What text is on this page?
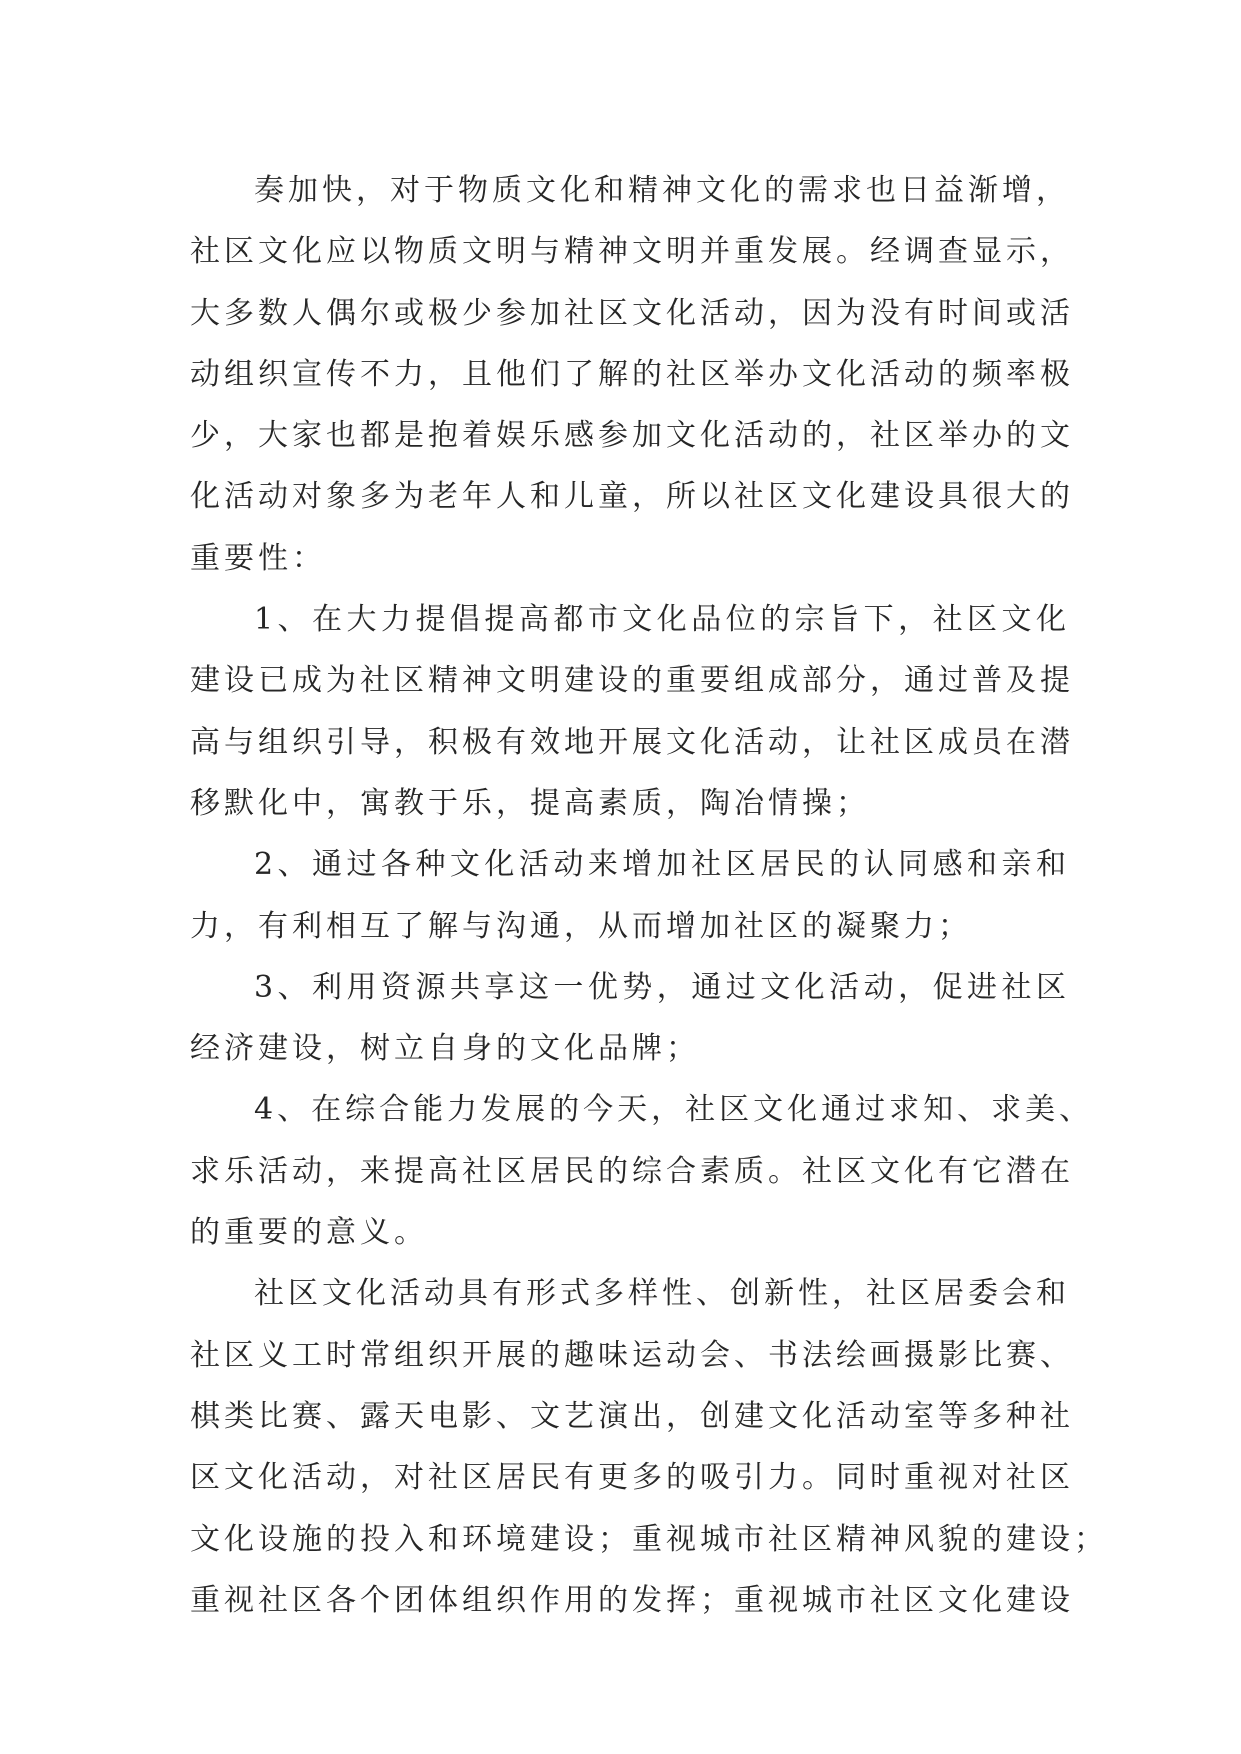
奏加快，对于物质文化和精神文化的需求也日益渐增，
社区文化应以物质文明与精神文明并重发展。经调查显示，
大多数人偶尔或极少参加社区文化活动，因为没有时间或活
动组织宣传不力，且他们了解的社区举办文化活动的频率极
少，大家也都是抱着娱乐感参加文化活动的，社区举办的文
化活动对象多为老年人和儿童，所以社区文化建设具很大的
重要性：
1、在大力提倡提高都市文化品位的宗旨下，社区文化
建设已成为社区精神文明建设的重要组成部分，通过普及提
高与组织引导，积极有效地开展文化活动，让社区成员在潜
移默化中，寓教于乐，提高素质，陶冶情操；
2、通过各种文化活动来增加社区居民的认同感和亲和
力，有利相互了解与沟通，从而增加社区的凝聚力；
3、利用资源共享这一优势，通过文化活动，促进社区
经济建设，树立自身的文化品牌；
4、在综合能力发展的今天，社区文化通过求知、求美、
求乐活动，来提高社区居民的综合素质。社区文化有它潜在
的重要的意义。
社区文化活动具有形式多样性、创新性，社区居委会和
社区义工时常组织开展的趣味运动会、书法绘画摄影比赛、
棋类比赛、露天电影、文艺演出，创建文化活动室等多种社
区文化活动，对社区居民有更多的吸引力。同时重视对社区
文化设施的投入和环境建设；重视城市社区精神风貌的建设；
重视社区各个团体组织作用的发挥；重视城市社区文化建设
